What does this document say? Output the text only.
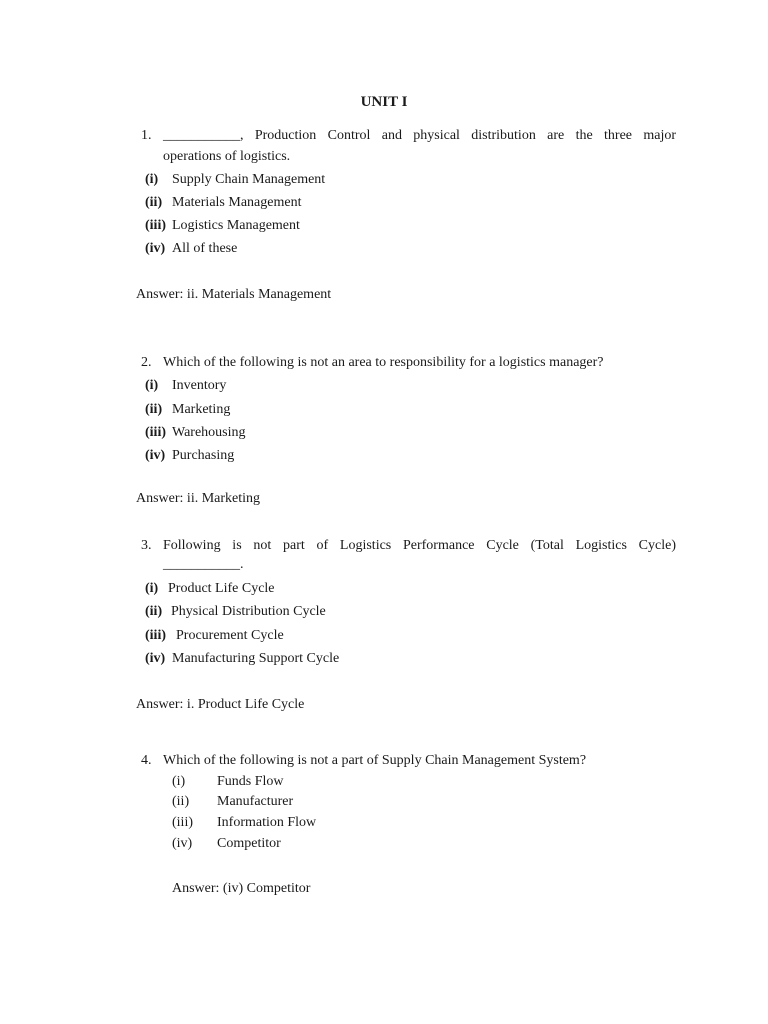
UNIT I
1. ___________, Production Control and physical distribution are the three major
operations of logistics.
(i) Supply Chain Management
(ii) Materials Management
(iii) Logistics Management
(iv) All of these
Answer: ii. Materials Management
2. Which of the following is not an area to responsibility for a logistics manager?
(i) Inventory
(ii) Marketing
(iii) Warehousing
(iv) Purchasing
Answer: ii. Marketing
3. Following is not part of Logistics Performance Cycle (Total Logistics Cycle)
___________.
(i) Product Life Cycle
(ii) Physical Distribution Cycle
(iii) Procurement Cycle
(iv) Manufacturing Support Cycle
Answer: i. Product Life Cycle
4. Which of the following is not a part of Supply Chain Management System?
(i) Funds Flow
(ii) Manufacturer
(iii) Information Flow
(iv) Competitor
Answer: (iv) Competitor
